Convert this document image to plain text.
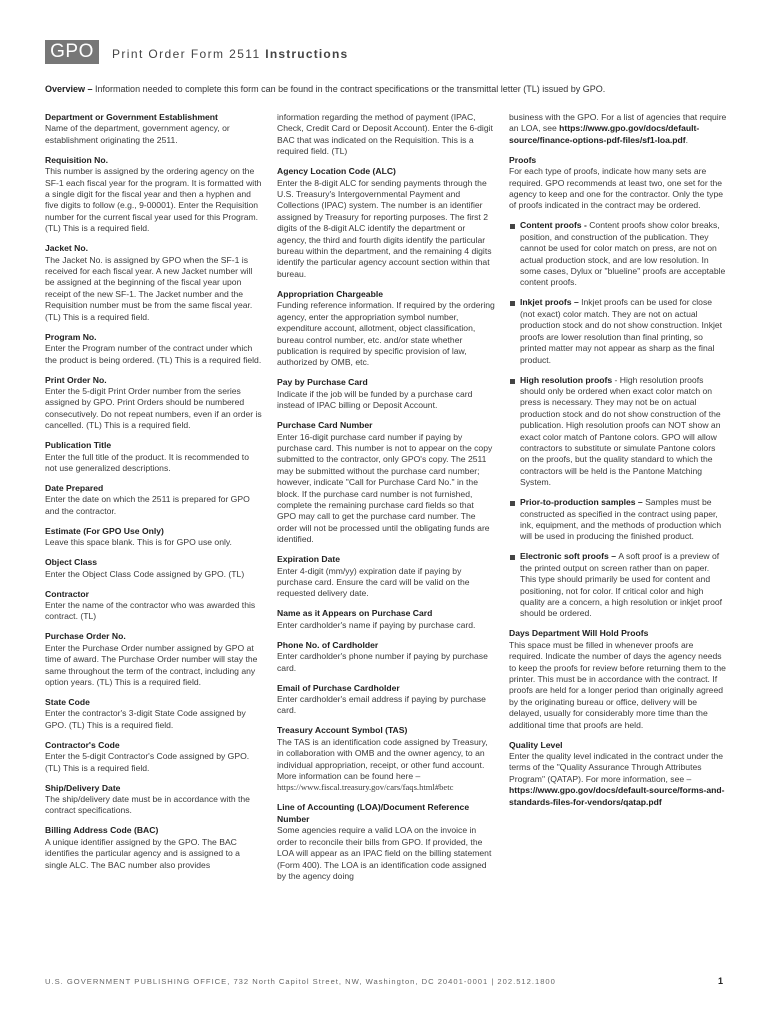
GPO	Print Order Form 2511 Instructions
Overview – Information needed to complete this form can be found in the contract specifications or the transmittal letter (TL) issued by GPO.
Department or Government Establishment
Name of the department, government agency, or establishment originating the 2511.
Requisition No.
This number is assigned by the ordering agency on the SF-1 each fiscal year for the program. It is formatted with a single digit for the fiscal year and then a hyphen and five digits to follow (e.g., 9-00001). Enter the Requisition number for the current fiscal year used for this Program. (TL) This is a required field.
Jacket No.
The Jacket No. is assigned by GPO when the SF-1 is received for each fiscal year. A new Jacket number will be assigned at the beginning of the fiscal year upon receipt of the new SF-1. The Jacket number and the Requisition number must be from the same fiscal year. (TL) This is a required field.
Program No.
Enter the Program number of the contract under which the product is being ordered. (TL) This is a required field.
Print Order No.
Enter the 5-digit Print Order number from the series assigned by GPO. Print Orders should be numbered consecutively. Do not repeat numbers, even if an order is cancelled. (TL) This is a required field.
Publication Title
Enter the full title of the product. It is recommended to not use generalized descriptions.
Date Prepared
Enter the date on which the 2511 is prepared for GPO and the contractor.
Estimate (For GPO Use Only)
Leave this space blank. This is for GPO use only.
Object Class
Enter the Object Class Code assigned by GPO. (TL)
Contractor
Enter the name of the contractor who was awarded this contract. (TL)
Purchase Order No.
Enter the Purchase Order number assigned by GPO at time of award. The Purchase Order number will stay the same throughout the term of the contract, including any option years. (TL) This is a required field.
State Code
Enter the contractor's 3-digit State Code assigned by GPO. (TL) This is a required field.
Contractor's Code
Enter the 5-digit Contractor's Code assigned by GPO. (TL) This is a required field.
Ship/Delivery Date
The ship/delivery date must be in accordance with the contract specifications.
Billing Address Code (BAC)
A unique identifier assigned by the GPO. The BAC identifies the particular agency and is assigned to a single ALC. The BAC number also provides
information regarding the method of payment (IPAC, Check, Credit Card or Deposit Account). Enter the 6-digit BAC that was indicated on the Requisition. This is a required field. (TL)
Agency Location Code (ALC)
Enter the 8-digit ALC for sending payments through the U.S. Treasury's Intergovernmental Payment and Collections (IPAC) system. The number is an identifier assigned by Treasury for reporting purposes. The first 2 digits of the 8-digit ALC identify the department or agency, the third and fourth digits identify the particular bureau within the department, and the remaining 4 digits identify the particular agency account section within that bureau.
Appropriation Chargeable
Funding reference information. If required by the ordering agency, enter the appropriation symbol number, expenditure account, allotment, object classification, bureau control number, etc. and/or state whether publication is required by specific provision of law, authorized by OMB, etc.
Pay by Purchase Card
Indicate if the job will be funded by a purchase card instead of IPAC billing or Deposit Account.
Purchase Card Number
Enter 16-digit purchase card number if paying by purchase card. This number is not to appear on the copy submitted to the contractor, only GPO's copy. The 2511 may be submitted without the purchase card number; however, indicate "Call for Purchase Card No." in the block. If the purchase card number is not furnished, complete the remaining purchase card fields so that GPO may call to get the purchase card number. The order will not be processed until the obligating funds are identified.
Expiration Date
Enter 4-digit (mm/yy) expiration date if paying by purchase card. Ensure the card will be valid on the requested delivery date.
Name as it Appears on Purchase Card
Enter cardholder's name if paying by purchase card.
Phone No. of Cardholder
Enter cardholder's phone number if paying by purchase card.
Email of Purchase Cardholder
Enter cardholder's email address if paying by purchase card.
Treasury Account Symbol (TAS)
The TAS is an identification code assigned by Treasury, in collaboration with OMB and the owner agency, to an individual appropriation, receipt, or other fund account. More information can be found here – https://www.fiscal.treasury.gov/cars/faqs.html#betc
Line of Accounting (LOA)/Document Reference Number
Some agencies require a valid LOA on the invoice in order to reconcile their bills from GPO. If provided, the LOA will appear as an IPAC field on the billing statement (Form 400). The LOA is an identification code assigned by the agency doing
business with the GPO. For a list of agencies that require an LOA, see https://www.gpo.gov/docs/default-source/finance-options-pdf-files/sf1-loa.pdf.
Proofs
For each type of proofs, indicate how many sets are required. GPO recommends at least two, one set for the agency to keep and one for the contractor. Only the type of proofs indicated in the contract may be ordered.
Content proofs - Content proofs show color breaks, position, and construction of the publication. They cannot be used for color match on press, are not on actual production stock, and are low resolution. In some cases, Dylux or "blueline" proofs are acceptable content proofs.
Inkjet proofs – Inkjet proofs can be used for close (not exact) color match. They are not on actual production stock and do not show construction. Inkjet proofs are lower resolution than final printing, so printed matter may not appear as sharp as the final product.
High resolution proofs - High resolution proofs should only be ordered when exact color match on press is necessary. They may not be on actual production stock and do not show construction of the publication. High resolution proofs can NOT show an exact color match of Pantone colors. GPO will allow contractors to substitute or simulate Pantone colors on the proofs, but the quality standard to which the contractors will be held is the Pantone Matching System.
Prior-to-production samples – Samples must be constructed as specified in the contract using paper, ink, equipment, and the methods of production which will be used in producing the finished product.
Electronic soft proofs – A soft proof is a preview of the printed output on screen rather than on paper. This type should primarily be used for content and positioning, not for color. If critical color and high quality are a concern, a high resolution or inkjet proof should be ordered.
Days Department Will Hold Proofs
This space must be filled in whenever proofs are required. Indicate the number of days the agency needs to keep the proofs for review before returning them to the printer. This must be in accordance with the contract. If proofs are held for a longer period than originally agreed by the originating bureau or office, delivery will be delayed, usually for considerably more time than the additional time that proofs are held.
Quality Level
Enter the quality level indicated in the contract under the terms of the "Quality Assurance Through Attributes Program" (QATAP). For more information, see – https://www.gpo.gov/docs/default-source/forms-and-standards-files-for-vendors/qatap.pdf
U.S. GOVERNMENT PUBLISHING OFFICE, 732 North Capitol Street, NW, Washington, DC 20401-0001 | 202.512.1800	1
